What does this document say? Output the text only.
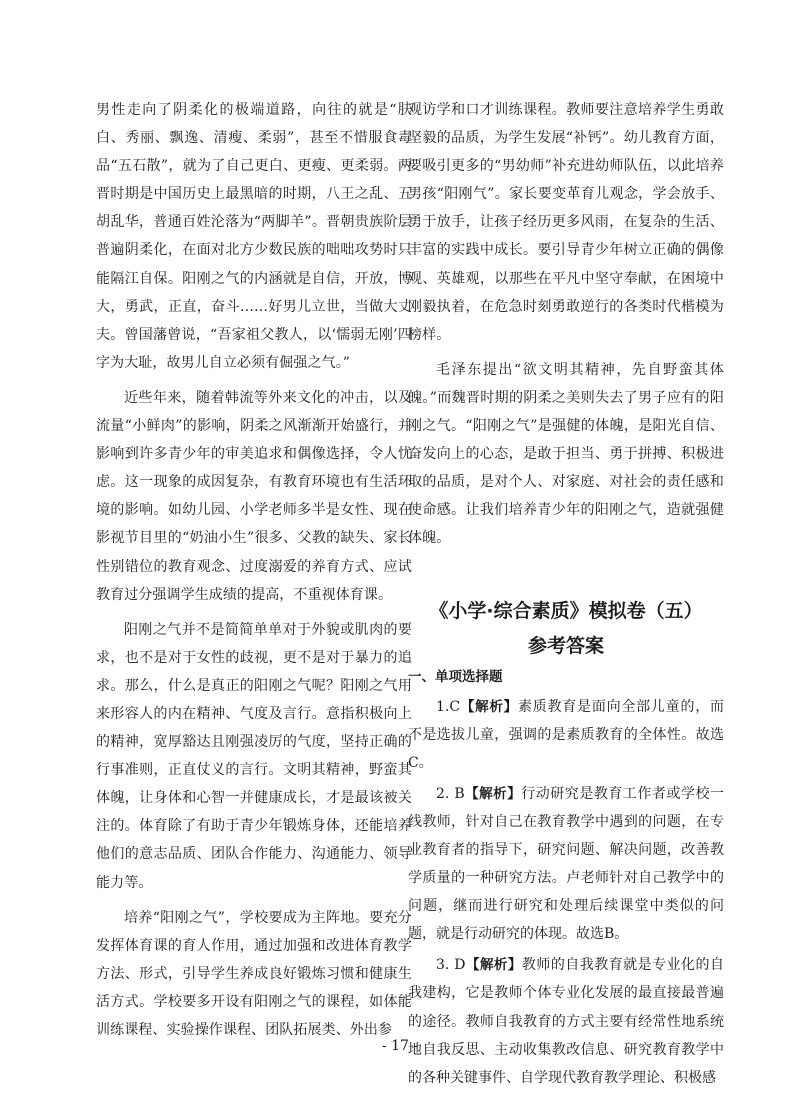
男性走向了阴柔化的极端道路，向往的就是“肤白、秀丽、飘逸、清瘦、柔弱”，甚至不惜服食毒品“五石散”，就为了自己更白、更瘦、更柔弱。两晋时期是中国历史上最黑暗的时期，八王之乱、五胡乱华，普通百姓沦落为“两脚羊”。晋朝贵族阶层普遍阴柔化，在面对北方少数民族的咄咄攻势时只能隔江自保。阳刚之气的内涵就是自信，开放，博大，勇武，正直，奋斗……好男儿立世，当做大丈夫。曾国藩曾说，“吾家祖父教人，以‘懦弱无刚’四字为大耻，故男儿自立必须有倔强之气。”

近些年来，随着韩流等外来文化的冲击，以及流量“小鲜肉”的影响，阴柔之风渐渐开始盛行，并影响到许多青少年的审美追求和偶像选择，令人忧虑。这一现象的成因复杂，有教育环境也有生活环境的影响。如幼儿园、小学老师多半是女性、现在影视节目里的“奶油小生”很多、父教的缺失、家长性别错位的教育观念、过度溺爱的养育方式、应试教育过分强调学生成绩的提高，不重视体育课。

阳刚之气并不是简简单单对于外貌或肌肉的要求，也不是对于女性的歧视，更不是对于暴力的追求。那么，什么是真正的阳刚之气呢？阳刚之气用来形容人的内在精神、气度及言行。意指积极向上的精神，宽厚豁达且刚强凌厉的气度，坚持正确的行事准则，正直仗义的言行。文明其精神，野蛮其体魄，让身体和心智一并健康成长，才是最该被关注的。体育除了有助于青少年锻炼身体，还能培养他们的意志品质、团队合作能力、沟通能力、领导能力等。

培养“阳刚之气”，学校要成为主阵地。要充分发挥体育课的育人作用，通过加强和改进体育教学方法、形式，引导学生养成良好锻炼习惯和健康生活方式。学校要多开设有阳刚之气的课程，如体能训练课程、实验操作课程、团队拓展类、外出参

观访学和口才训练课程。教师要注意培养学生勇敢坚毅的品质，为学生发展“补钙”。幼儿教育方面，要吸引更多的“男幼师”补充进幼师队伍，以此培养男孩“阳刚气”。家长要变革育儿观念，学会放手、勇于放手，让孩子经历更多风雨，在复杂的生活、丰富的实践中成长。要引导青少年树立正确的偶像观、英雄观，以那些在平凡中坚守奉献，在困境中刚毅执着，在危急时刻勇敢逆行的各类时代楷模为榜样。

毛泽东提出“欲文明其精神，先自野蛮其体魄。”而魏晋时期的阴柔之美则失去了男子应有的阳刚之气。“阳刚之气”是强健的体魄，是阳光自信、奋发向上的心态，是敢于担当、勇于拼搏、积极进取的品质，是对个人、对家庭、对社会的责任感和使命感。让我们培养青少年的阳刚之气，造就强健体魄。

《小学·综合素质》模拟卷（五）

参考答案

一、单项选择题

1.C【解析】素质教育是面向全部儿童的，而不是选拔儿童，强调的是素质教育的全体性。故选C。

2. B【解析】行动研究是教育工作者或学校一线教师，针对自己在教育教学中遇到的问题，在专业教育者的指导下，研究问题、解决问题，改善教学质量的一种研究方法。卢老师针对自己教学中的问题，继而进行研究和处理后续课堂中类似的问题，就是行动研究的体现。故选B。

3. D【解析】教师的自我教育就是专业化的自我建构，它是教师个体专业化发展的最直接最普遍的途径。教师自我教育的方式主要有经常性地系统地自我反思、主动收集教改信息、研究教育教学中的各种关键事件、自学现代教育教学理论、积极感

- 17 -
